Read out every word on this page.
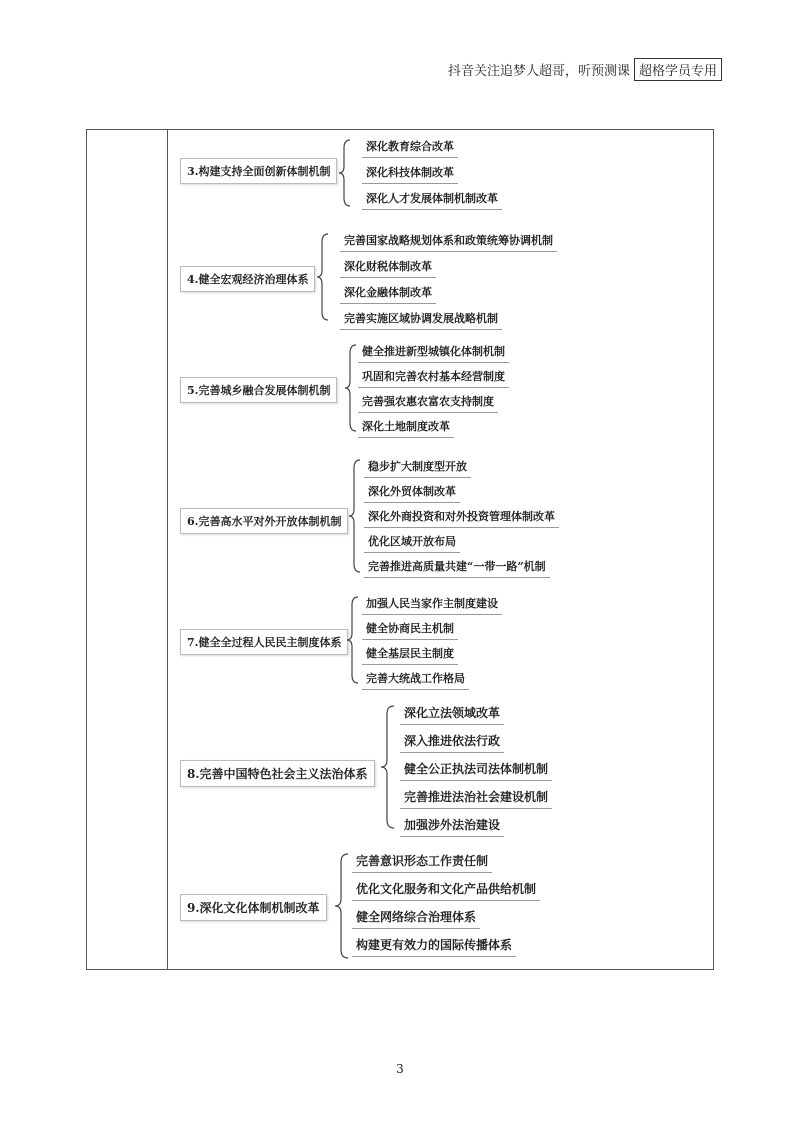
抖音关注追梦人超哥，听预测课 超格学员专用
3.构建支持全面创新体制机制
深化教育综合改革
深化科技体制改革
深化人才发展体制机制改革
4.健全宏观经济治理体系
完善国家战略规划体系和政策统筹协调机制
深化财税体制改革
深化金融体制改革
完善实施区域协调发展战略机制
5.完善城乡融合发展体制机制
健全推进新型城镇化体制机制
巩固和完善农村基本经营制度
完善强农惠农富农支持制度
深化土地制度改革
6.完善高水平对外开放体制机制
稳步扩大制度型开放
深化外贸体制改革
深化外商投资和对外投资管理体制改革
优化区域开放布局
完善推进高质量共建“一带一路”机制
7.健全全过程人民民主制度体系
加强人民当家作主制度建设
健全协商民主机制
健全基层民主制度
完善大统战工作格局
8.完善中国特色社会主义法治体系
深化立法领域改革
深入推进依法行政
健全公正执法司法体制机制
完善推进法治社会建设机制
加强涉外法治建设
9.深化文化体制机制改革
完善意识形态工作责任制
优化文化服务和文化产品供给机制
健全网络综合治理体系
构建更有效力的国际传播体系
3
